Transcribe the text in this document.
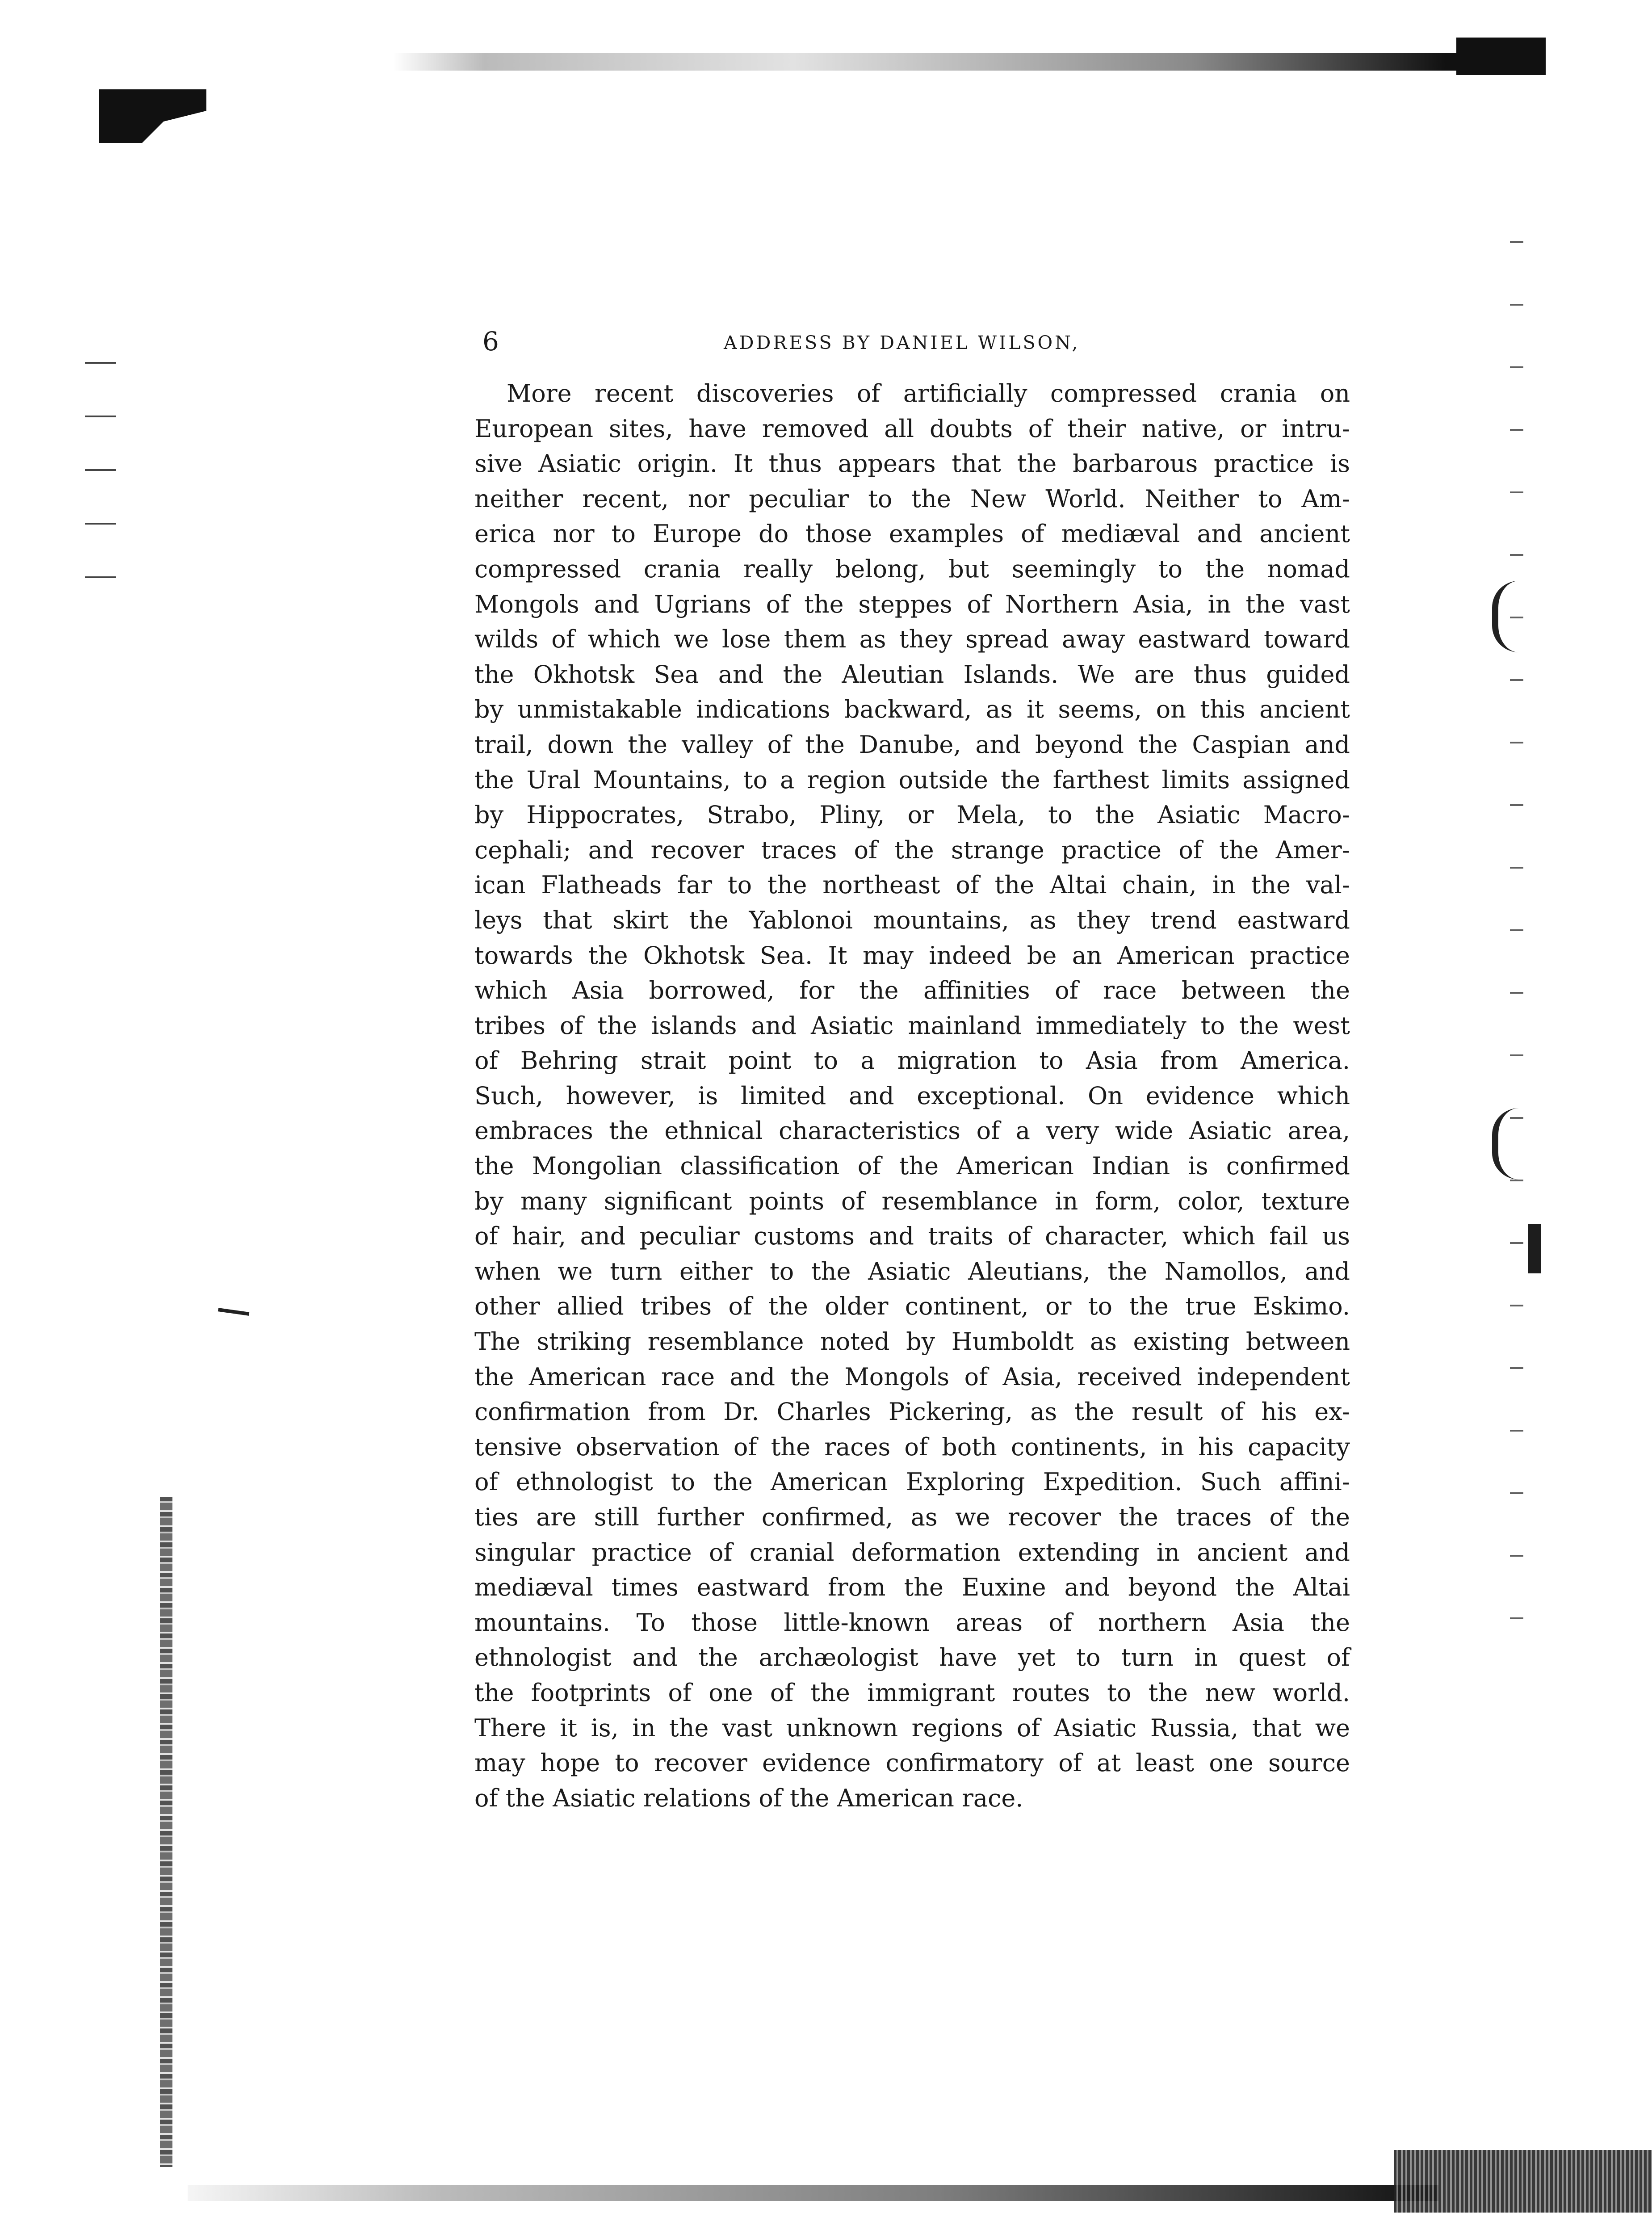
6	ADDRESS BY DANIEL WILSON,
More recent discoveries of artificially compressed crania on
European sites, have removed all doubts of their native, or intru-
sive Asiatic origin. It thus appears that the barbarous practice is
neither recent, nor peculiar to the New World. Neither to Am-
erica nor to Europe do those examples of mediæval and ancient
compressed crania really belong, but seemingly to the nomad
Mongols and Ugrians of the steppes of Northern Asia, in the vast
wilds of which we lose them as they spread away eastward toward
the Okhotsk Sea and the Aleutian Islands. We are thus guided
by unmistakable indications backward, as it seems, on this ancient
trail, down the valley of the Danube, and beyond the Caspian and
the Ural Mountains, to a region outside the farthest limits assigned
by Hippocrates, Strabo, Pliny, or Mela, to the Asiatic Macro-
cephali; and recover traces of the strange practice of the Amer-
ican Flatheads far to the northeast of the Altai chain, in the val-
leys that skirt the Yablonoi mountains, as they trend eastward
towards the Okhotsk Sea. It may indeed be an American practice
which Asia borrowed, for the affinities of race between the
tribes of the islands and Asiatic mainland immediately to the west
of Behring strait point to a migration to Asia from America.
Such, however, is limited and exceptional. On evidence which
embraces the ethnical characteristics of a very wide Asiatic area,
the Mongolian classification of the American Indian is confirmed
by many significant points of resemblance in form, color, texture
of hair, and peculiar customs and traits of character, which fail us
when we turn either to the Asiatic Aleutians, the Namollos, and
other allied tribes of the older continent, or to the true Eskimo.
The striking resemblance noted by Humboldt as existing between
the American race and the Mongols of Asia, received independent
confirmation from Dr. Charles Pickering, as the result of his ex-
tensive observation of the races of both continents, in his capacity
of ethnologist to the American Exploring Expedition. Such affini-
ties are still further confirmed, as we recover the traces of the
singular practice of cranial deformation extending in ancient and
mediæval times eastward from the Euxine and beyond the Altai
mountains. To those little-known areas of northern Asia the
ethnologist and the archæologist have yet to turn in quest of
the footprints of one of the immigrant routes to the new world.
There it is, in the vast unknown regions of Asiatic Russia, that we
may hope to recover evidence confirmatory of at least one source
of the Asiatic relations of the American race.
